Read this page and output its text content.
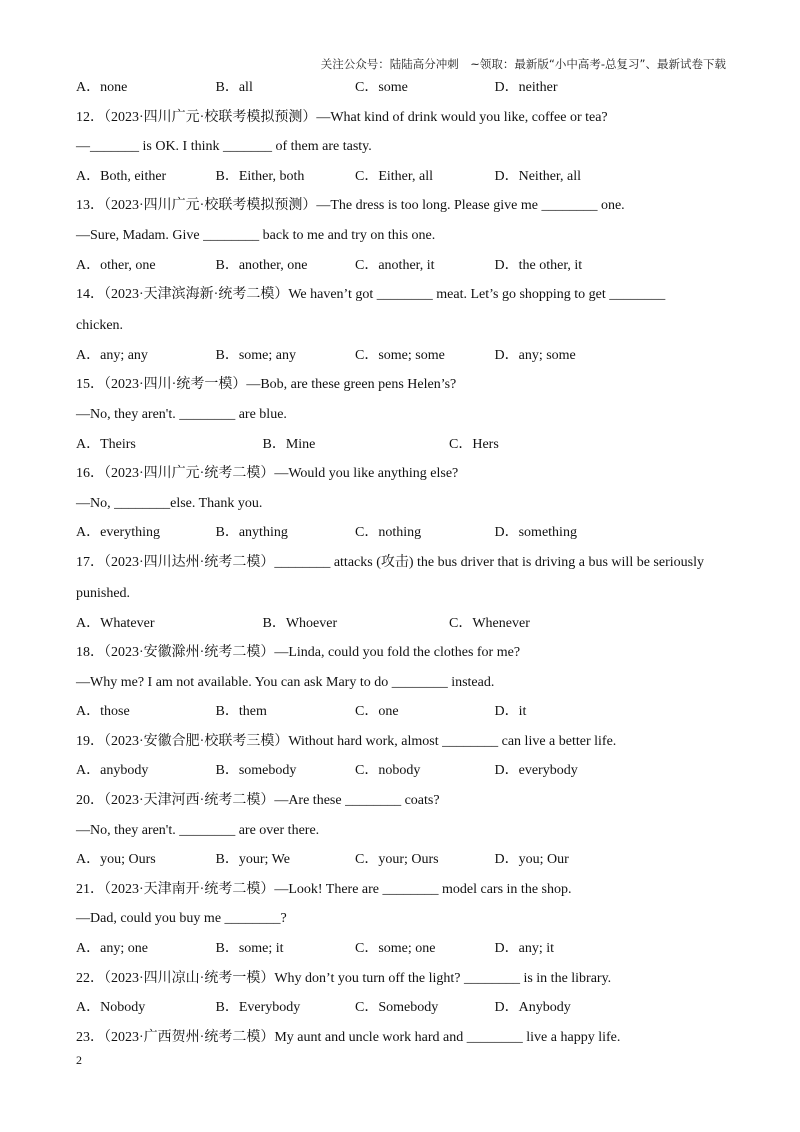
关注公众号：陆陆高分冲刺　~领取：最新版“小中高考-总复习”、最新试卷下载
A．none	B．all	C．some	D．neither
12．（2023·四川广元·校联考模拟预测）—What kind of drink would you like, coffee or tea?
—_______ is OK. I think _______ of them are tasty.
A．Both, either	B．Either, both	C．Either, all	D．Neither, all
13．（2023·四川广元·校联考模拟预测）—The dress is too long. Please give me ________ one.
—Sure, Madam. Give ________ back to me and try on this one.
A．other, one	B．another, one	C．another, it	D．the other, it
14．（2023·天津滨海新·统考二模）We haven’t got ________ meat. Let’s go shopping to get ________
chicken.
A．any; any	B．some; any	C．some; some	D．any; some
15．（2023·四川·统考一模）—Bob, are these green pens Helen’s?
—No, they aren't. ________ are blue.
A．Theirs	B．Mine	C．Hers
16．（2023·四川广元·统考二模）—Would you like anything else?
—No, ________else. Thank you.
A．everything	B．anything	C．nothing	D．something
17．（2023·四川达州·统考二模）________ attacks (攻击) the bus driver that is driving a bus will be seriously
punished.
A．Whatever	B．Whoever	C．Whenever
18．（2023·安徽滁州·统考二模）—Linda, could you fold the clothes for me?
—Why me? I am not available. You can ask Mary to do ________ instead.
A．those	B．them	C．one	D．it
19．（2023·安徽合肥·校联考三模）Without hard work, almost ________ can live a better life.
A．anybody	B．somebody	C．nobody	D．everybody
20．（2023·天津河西·统考二模）—Are these ________ coats?
—No, they aren't. ________ are over there.
A．you; Ours	B．your; We	C．your; Ours	D．you; Our
21．（2023·天津南开·统考二模）—Look! There are ________ model cars in the shop.
—Dad, could you buy me ________?
A．any; one	B．some; it	C．some; one	D．any; it
22．（2023·四川凉山·统考一模）Why don’t you turn off the light? ________ is in the library.
A．Nobody	B．Everybody	C．Somebody	D．Anybody
23．（2023·广西贺州·统考二模）My aunt and uncle work hard and ________ live a happy life.
2
